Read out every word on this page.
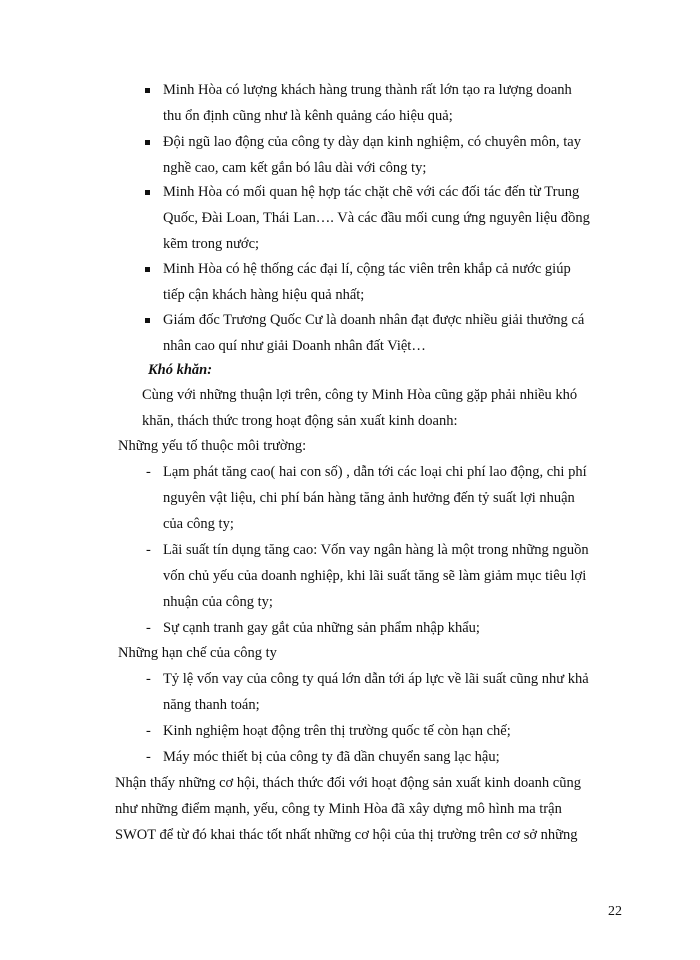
Minh Hòa có lượng khách hàng trung thành rất lớn tạo ra lượng doanh
thu ổn định cũng như là kênh quảng cáo hiệu quả;
Đội ngũ lao động của công ty dày dạn kinh nghiệm, có chuyên môn, tay
nghề cao, cam kết gắn bó lâu dài với công ty;
Minh Hòa có mối quan hệ hợp tác chặt chẽ với các đối tác đến từ Trung
Quốc, Đài Loan, Thái Lan…. Và các đầu mối cung ứng nguyên liệu đồng
kẽm trong nước;
Minh Hòa có hệ thống các đại lí, cộng tác viên trên khắp cả nước giúp
tiếp cận khách hàng hiệu quả nhất;
Giám đốc Trương Quốc Cư là doanh nhân đạt được nhiều giải thưởng cá
nhân cao quí như giải Doanh nhân đất Việt…
Khó khăn:
Cùng với những thuận lợi trên, công ty Minh Hòa cũng gặp phải nhiều khó
khăn, thách thức trong hoạt động sản xuất kinh doanh:
Những yếu tố thuộc môi trường:
- Lạm phát tăng cao( hai con số) , dẫn tới các loại chi phí lao động, chi phí
nguyên vật liệu, chi phí bán hàng tăng ảnh hưởng đến tỷ suất lợi nhuận
của công ty;
- Lãi suất tín dụng tăng cao: Vốn vay ngân hàng là một trong những nguồn
vốn chủ yếu của doanh nghiệp, khi lãi suất tăng sẽ làm giảm mục tiêu lợi
nhuận của công ty;
- Sự cạnh tranh gay gắt của những sản phẩm nhập khẩu;
Những hạn chế của công ty
- Tỷ lệ vốn vay của công ty quá lớn dẫn tới áp lực về lãi suất cũng như khả
năng thanh toán;
- Kinh nghiệm hoạt động trên thị trường quốc tế còn hạn chế;
- Máy móc thiết bị của công ty đã dần chuyển sang lạc hậu;
Nhận thấy những cơ hội, thách thức đối với hoạt động sản xuất kinh doanh cũng
như những điểm mạnh, yếu, công ty Minh Hòa đã xây dựng mô hình ma trận
SWOT để từ đó khai thác tốt nhất những cơ hội của thị trường trên cơ sở những
22
